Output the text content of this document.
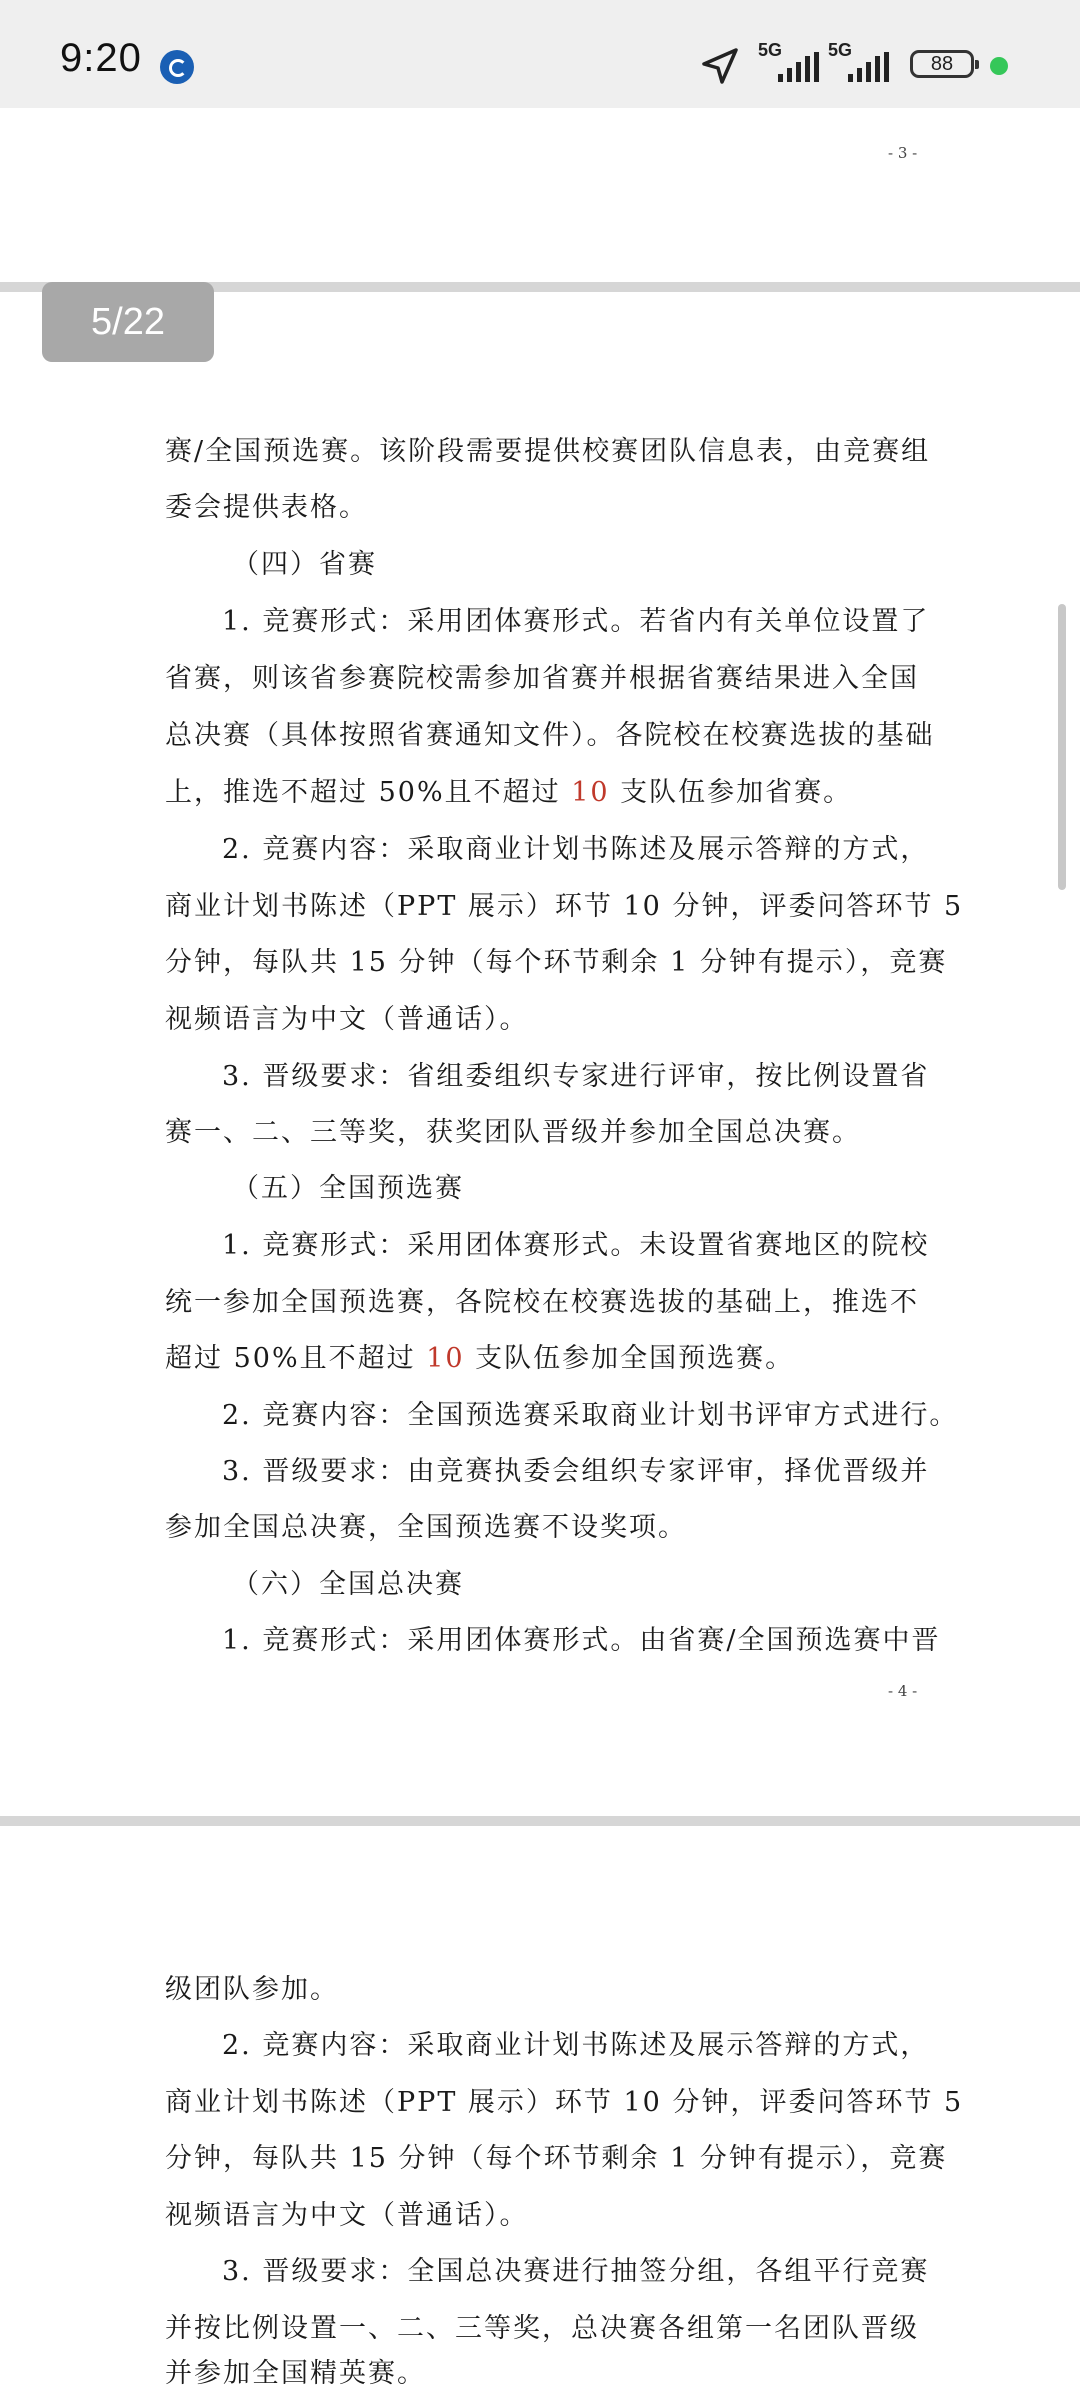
9:20	5G	5G
88
- 3 -
5/22
赛/全国预选赛。该阶段需要提供校赛团队信息表，由竞赛组
委会提供表格。
（四）省赛
1. 竞赛形式：采用团体赛形式。若省内有关单位设置了
省赛，则该省参赛院校需参加省赛并根据省赛结果进入全国
总决赛（具体按照省赛通知文件）。各院校在校赛选拔的基础
上，推选不超过 50%且不超过 10 支队伍参加省赛。
2. 竞赛内容：采取商业计划书陈述及展示答辩的方式，
商业计划书陈述（PPT 展示）环节 10 分钟，评委问答环节 5
分钟，每队共 15 分钟（每个环节剩余 1 分钟有提示），竞赛
视频语言为中文（普通话）。
3. 晋级要求：省组委组织专家进行评审，按比例设置省
赛一、二、三等奖，获奖团队晋级并参加全国总决赛。
（五）全国预选赛
1. 竞赛形式：采用团体赛形式。未设置省赛地区的院校
统一参加全国预选赛，各院校在校赛选拔的基础上，推选不
超过 50%且不超过 10 支队伍参加全国预选赛。
2. 竞赛内容：全国预选赛采取商业计划书评审方式进行。
3. 晋级要求：由竞赛执委会组织专家评审，择优晋级并
参加全国总决赛，全国预选赛不设奖项。
（六）全国总决赛
1. 竞赛形式：采用团体赛形式。由省赛/全国预选赛中晋
- 4 -
级团队参加。
2. 竞赛内容：采取商业计划书陈述及展示答辩的方式，
商业计划书陈述（PPT 展示）环节 10 分钟，评委问答环节 5
分钟，每队共 15 分钟（每个环节剩余 1 分钟有提示），竞赛
视频语言为中文（普通话）。
3. 晋级要求：全国总决赛进行抽签分组，各组平行竞赛
并按比例设置一、二、三等奖，总决赛各组第一名团队晋级
并参加全国精英赛。
